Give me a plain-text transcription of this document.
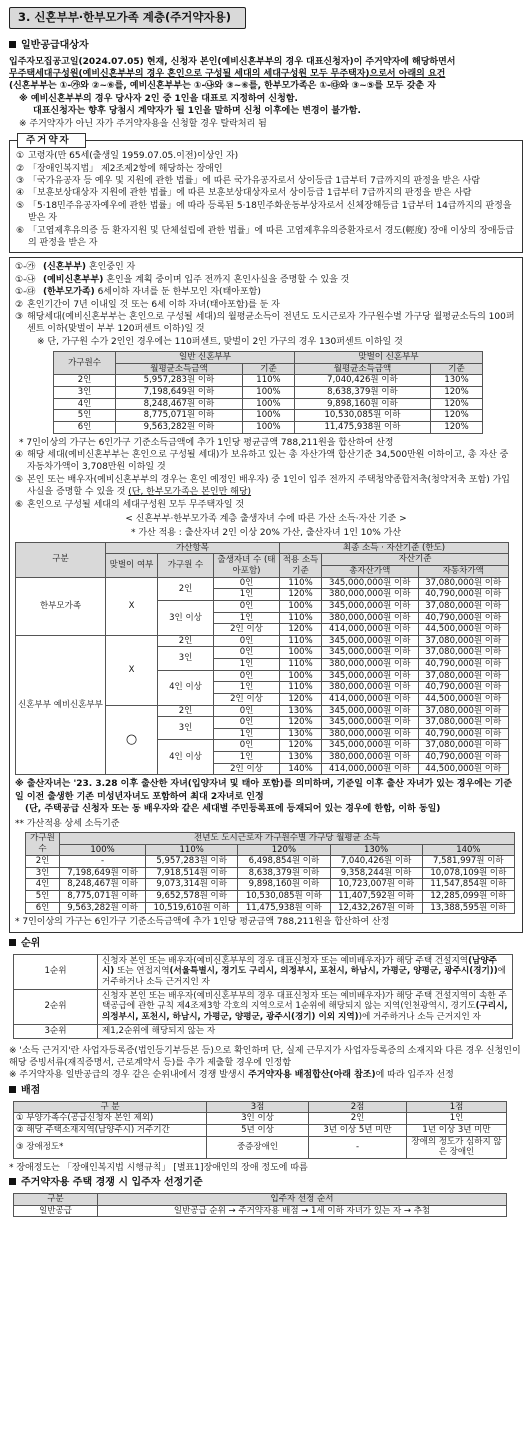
3. 신혼부부·한부모가족 계층(주거약자용)
일반공급대상자

입주자모집공고일(2024.07.05) 현재, 신청자 본인(예비신혼부부의 경우 대표신청자)이 주거약자에 해당하면서

무주택세대구성원(예비신혼부부의 경우 혼인으로 구성될 세대의 세대구성원 모두 무주택자)으로서 아래의 요건

(신혼부부는 ①-㉮와 ②~⑥를, 예비신혼부부는 ①-㉯와 ③~⑥를, 한부모가족은 ①-㉰와 ③~⑤를 모두 갖춘 자

※ 예비신혼부부의 경우 당사자 2인 중 1인을 대표로 지정하여 신청함.

대표신청자는 향후 당첨시 계약자가 될 1인을 말하며 신청 이후에는 변경이 불가함.

※ 주거약자가 아닌 자가 주거약자용을 신청할 경우 탈락처리 됨

주거약자
① 고령자(만 65세(출생일 1959.07.05.이전)이상인 자)
② 「장애인복지법」 제2조제2항에 해당하는 장애인
③ 「국가유공자 등 예우 및 지원에 관한 법률」에 따른 국가유공자로서 상이등급 1급부터 7급까지의 판정을 받은 사람
④ 「보훈보상대상자 지원에 관한 법률」에 따른 보훈보상대상자로서 상이등급 1급부터 7급까지의 판정을 받은 사람
⑤ 「5·18민주유공자예우에 관한 법률」에 따라 등록된 5·18민주화운동부상자로서 신체장해등급 1급부터 14급까지의 판정을 받은 자
⑥ 「고엽제후유의증 등 환자지원 및 단체설립에 관한 법률」에 따른 고엽제후유의증환자로서 경도(輕度) 장애 이상의 장애등급의 판정을 받은 자
①-㉮ (신혼부부) 혼인중인 자
①-㉯ (예비신혼부부) 혼인을 계획 중이며 입주 전까지 혼인사실을 증명할 수 있을 것
①-㉰ (한부모가족) 6세이하 자녀를 둔 한부모인 자(태아포함)
② 혼인기간이 7년 이내일 것 또는 6세 이하 자녀(태아포함)를 둔 자
③ 해당세대(예비신혼부부는 혼인으로 구성될 세대)의 월평균소득이 전년도 도시근로자 가구원수별 가구당 월평균소득의 100퍼센트 이하(맞벌이 부부 120퍼센트 이하)일 것

※ 단, 가구원 수가 2인인 경우에는 110퍼센트, 맞벌이 2인 가구의 경우 130퍼센트 이하일 것

가구원수	일반 신혼부부		맞벌이 신혼부부	
	월평균소득금액	기준	월평균소득금액	기준
2인	5,957,283원 이하	110%	7,040,426원 이하	130%
3인	7,198,649원 이하	100%	8,638,379원 이하	120%
4인	8,248,467원 이하	100%	9,898,160원 이하	120%
5인	8,775,071원 이하	100%	10,530,085원 이하	120%
6인	9,563,282원 이하	100%	11,475,938원 이하	120%

* 7인이상의 가구는 6인가구 기준소득금액에 추가 1인당 평균금액 788,211원을 합산하여 산정

④ 해당 세대(예비신혼부부는 혼인으로 구성될 세대)가 보유하고 있는 총 자산가액 합산기준 34,500만원 이하이고, 총 자산 중 자동차가액이 3,708만원 이하일 것
⑤ 본인 또는 배우자(예비신혼부부의 경우는 혼인 예정인 배우자) 중 1인이 입주 전까지 주택청약종합저축(청약저축 포함) 가입사실을 증명할 수 있을 것 (단, 한부모가족은 본인만 해당)
⑥ 혼인으로 구성될 세대의 세대구성원 모두 무주택자일 것

< 신혼부부·한부모가족 계층 출생자녀 수에 따른 가산 소득·자산 기준 >

* 가산 적용 : 출산자녀 2인 이상 20% 가산, 출산자녀 1인 10% 가산

구분	가산항목			최종 소득 · 자산기준 (한도)		
	맞벌이 여부	가구원 수	출생자녀 수 (태아포함)	적용 소득기준	자산기준	
					총자산가액	자동차가액
한부모가족	X	2인	0인	110%	345,000,000원 이하	37,080,000원 이하
			1인	120%	380,000,000원 이하	40,790,000원 이하
		3인 이상	0인	100%	345,000,000원 이하	37,080,000원 이하
			1인	110%	380,000,000원 이하	40,790,000원 이하
			2인 이상	120%	414,000,000원 이하	44,500,000원 이하
신혼부부 예비신혼부부	X	2인	0인	110%	345,000,000원 이하	37,080,000원 이하
		3인	0인	100%	345,000,000원 이하	37,080,000원 이하
			1인	110%	380,000,000원 이하	40,790,000원 이하
		4인 이상	0인	100%	345,000,000원 이하	37,080,000원 이하
			1인	110%	380,000,000원 이하	40,790,000원 이하
			2인 이상	120%	414,000,000원 이하	44,500,000원 이하
	○	2인	0인	130%	345,000,000원 이하	37,080,000원 이하
		3인	0인	120%	345,000,000원 이하	37,080,000원 이하
			1인	130%	380,000,000원 이하	40,790,000원 이하
		4인 이상	0인	120%	345,000,000원 이하	37,080,000원 이하
			1인	130%	380,000,000원 이하	40,790,000원 이하
			2인 이상	140%	414,000,000원 이하	44,500,000원 이하

※ 출산자녀는 '23. 3.28 이후 출산한 자녀(입양자녀 및 태아 포함)를 의미하며, 기준일 이후 출산 자녀가 있는 경우에는 기준일 이전 출생한 기존 미성년자녀도 포함하여 최대 2자녀로 인정

(단, 주택공급 신청자 또는 동 배우자와 같은 세대별 주민등록표에 등재되어 있는 경우에 한함, 이하 동일)

** 가산적용 상세 소득기준

가구원 수	전년도 도시근로자 가구원수별 가구당 월평균 소득				
	100%	110%	120%	130%	140%
2인	-	5,957,283원 이하	6,498,854원 이하	7,040,426원 이하	7,581,997원 이하
3인	7,198,649원 이하	7,918,514원 이하	8,638,379원 이하	9,358,244원 이하	10,078,109원 이하
4인	8,248,467원 이하	9,073,314원 이하	9,898,160원 이하	10,723,007원 이하	11,547,854원 이하
5인	8,775,071원 이하	9,652,578원 이하	10,530,085원 이하	11,407,592원 이하	12,285,099원 이하
6인	9,563,282원 이하	10,519,610원 이하	11,475,938원 이하	12,432,267원 이하	13,388,595원 이하

* 7인이상의 가구는 6인가구 기준소득금액에 추가 1인당 평균금액 788,211원을 합산하여 산정

순위
1순위	신청자 본인 또는 배우자(예비신혼부부의 경우 대표신청자 또는 예비배우자)가 해당 주택 건설지역(남양주시) 또는 연접지역(서울특별시, 경기도 구리시, 의정부시, 포천시, 하남시, 가평군, 양평군, 광주시(경기))에 거주하거나 소득 근거지인 자
2순위	신청자 본인 또는 배우자(예비신혼부부의 경우 대표신청자 또는 예비배우자)가 해당 주택 건설지역이 속한 주택공급에 관한 규칙 제4조제3항 각호의 지역으로서 1순위에 해당되지 않는 지역(인천광역시, 경기도(구리시, 의정부시, 포천시, 하남시, 가평군, 양평군, 광주시(경기) 이외 지역))에 거주하거나 소득 근거지인 자
3순위	제1,2순위에 해당되지 않는 자

※ '소득 근거지'란 사업자등록증(법인등기부등본 등)으로 확인하며 단, 실제 근무지가 사업자등록증의 소재지와 다른 경우 신청인이 해당 증빙서류(재직증명서, 근로계약서 등)를 추가 제출할 경우에 인정함

※ 주거약자용 일반공급의 경우 같은 순위내에서 경쟁 발생시 주거약자용 배점합산(아래 참조)에 따라 입주자 선정

배점
구 분	3점	2점	1점
① 부양가족수(공급신청자 본인 제외)	3인 이상	2인	1인
② 해당 주택소재지역(남양주시) 거주기간	5년 이상	3년 이상 5년 미만	1년 이상 3년 미만
③ 장애정도*	중증장애인	-	장애의 정도가 심하지 않은 장애인

* 장애정도는 「장애인복지법 시행규칙」 [별표1]장애인의 장애 정도에 따름

주거약자용 주택 경쟁 시 입주자 선정기준
구분	입주자 선정 순서
일반공급	일반공급 순위 → 주거약자용 배점 → 1세 이하 자녀가 있는 자 → 추첨
